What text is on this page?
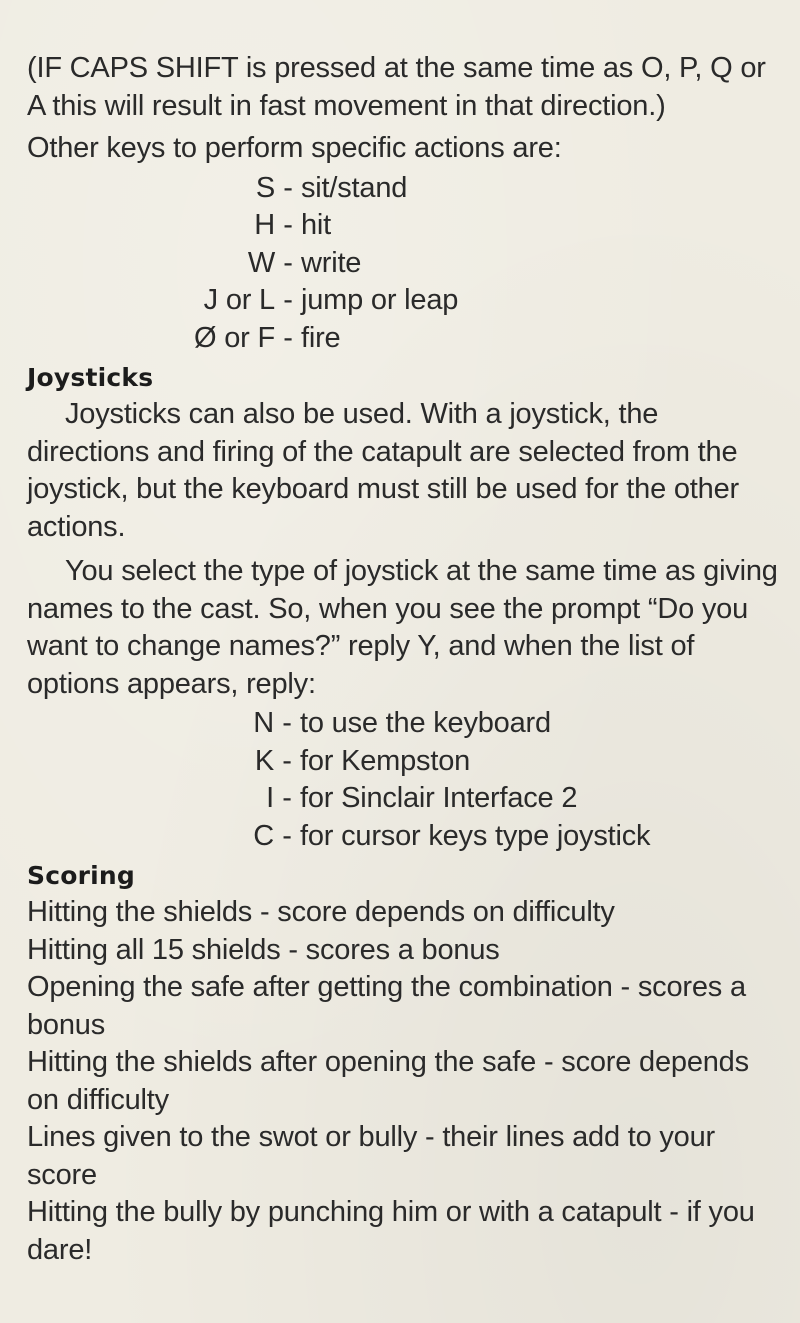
(IF CAPS SHIFT is pressed at the same time as O, P, Q or A this will result in fast movement in that direction.)

Other keys to perform specific actions are:

S - sit/stand
H - hit
W - write
J or L - jump or leap
Ø or F - fire
Joysticks

Joysticks can also be used. With a joystick, the directions and firing of the catapult are selected from the joystick, but the keyboard must still be used for the other actions.

You select the type of joystick at the same time as giving names to the cast. So, when you see the prompt “Do you want to change names?” reply Y, and when the list of options appears, reply:

N - to use the keyboard
K - for Kempston
I - for Sinclair Interface 2
C - for cursor keys type joystick
Scoring

Hitting the shields - score depends on difficulty

Hitting all 15 shields - scores a bonus

Opening the safe after getting the combination - scores a bonus

Hitting the shields after opening the safe - score depends on difficulty

Lines given to the swot or bully - their lines add to your score

Hitting the bully by punching him or with a catapult - if you dare!
